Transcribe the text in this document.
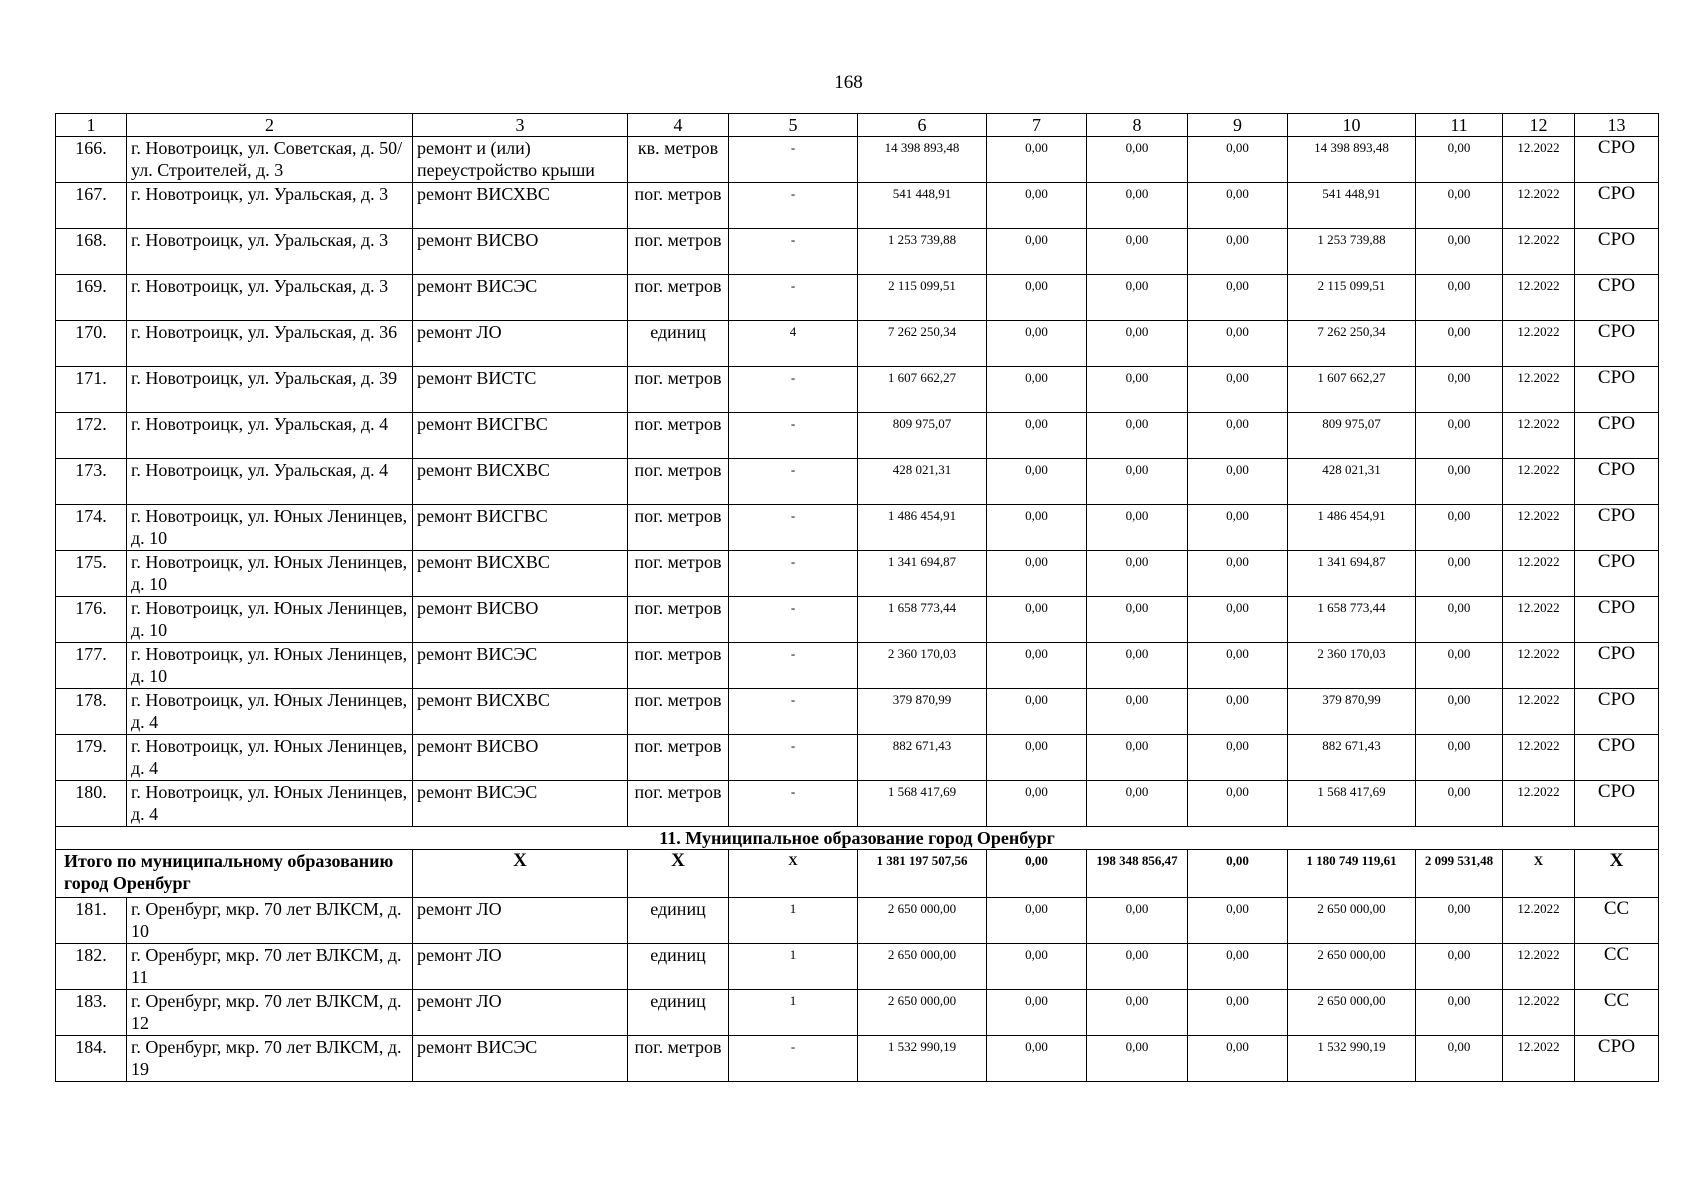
168
1	2	3	4	5	6	7	8	9	10	11	12	13
166.	г. Новотроицк, ул. Советская, д. 50/ул. Строителей, д. 3	ремонт и (или) переустройство крыши	кв. метров	-	14 398 893,48	0,00	0,00	0,00	14 398 893,48	0,00	12.2022	СРО
167.	г. Новотроицк, ул. Уральская, д. 3	ремонт ВИСХВС	пог. метров	-	541 448,91	0,00	0,00	0,00	541 448,91	0,00	12.2022	СРО
168.	г. Новотроицк, ул. Уральская, д. 3	ремонт ВИСВО	пог. метров	-	1 253 739,88	0,00	0,00	0,00	1 253 739,88	0,00	12.2022	СРО
169.	г. Новотроицк, ул. Уральская, д. 3	ремонт ВИСЭС	пог. метров	-	2 115 099,51	0,00	0,00	0,00	2 115 099,51	0,00	12.2022	СРО
170.	г. Новотроицк, ул. Уральская, д. 36	ремонт ЛО	единиц	4	7 262 250,34	0,00	0,00	0,00	7 262 250,34	0,00	12.2022	СРО
171.	г. Новотроицк, ул. Уральская, д. 39	ремонт ВИСТС	пог. метров	-	1 607 662,27	0,00	0,00	0,00	1 607 662,27	0,00	12.2022	СРО
172.	г. Новотроицк, ул. Уральская, д. 4	ремонт ВИСГВС	пог. метров	-	809 975,07	0,00	0,00	0,00	809 975,07	0,00	12.2022	СРО
173.	г. Новотроицк, ул. Уральская, д. 4	ремонт ВИСХВС	пог. метров	-	428 021,31	0,00	0,00	0,00	428 021,31	0,00	12.2022	СРО
174.	г. Новотроицк, ул. Юных Ленинцев, д. 10	ремонт ВИСГВС	пог. метров	-	1 486 454,91	0,00	0,00	0,00	1 486 454,91	0,00	12.2022	СРО
175.	г. Новотроицк, ул. Юных Ленинцев, д. 10	ремонт ВИСХВС	пог. метров	-	1 341 694,87	0,00	0,00	0,00	1 341 694,87	0,00	12.2022	СРО
176.	г. Новотроицк, ул. Юных Ленинцев, д. 10	ремонт ВИСВО	пог. метров	-	1 658 773,44	0,00	0,00	0,00	1 658 773,44	0,00	12.2022	СРО
177.	г. Новотроицк, ул. Юных Ленинцев, д. 10	ремонт ВИСЭС	пог. метров	-	2 360 170,03	0,00	0,00	0,00	2 360 170,03	0,00	12.2022	СРО
178.	г. Новотроицк, ул. Юных Ленинцев, д. 4	ремонт ВИСХВС	пог. метров	-	379 870,99	0,00	0,00	0,00	379 870,99	0,00	12.2022	СРО
179.	г. Новотроицк, ул. Юных Ленинцев, д. 4	ремонт ВИСВО	пог. метров	-	882 671,43	0,00	0,00	0,00	882 671,43	0,00	12.2022	СРО
180.	г. Новотроицк, ул. Юных Ленинцев, д. 4	ремонт ВИСЭС	пог. метров	-	1 568 417,69	0,00	0,00	0,00	1 568 417,69	0,00	12.2022	СРО
11. Муниципальное образование город Оренбург												
Итого по муниципальному образованию город Оренбург		X	X	X	1 381 197 507,56	0,00	198 348 856,47	0,00	1 180 749 119,61	2 099 531,48	X	X
181.	г. Оренбург, мкр. 70 лет ВЛКСМ, д. 10	ремонт ЛО	единиц	1	2 650 000,00	0,00	0,00	0,00	2 650 000,00	0,00	12.2022	СС
182.	г. Оренбург, мкр. 70 лет ВЛКСМ, д. 11	ремонт ЛО	единиц	1	2 650 000,00	0,00	0,00	0,00	2 650 000,00	0,00	12.2022	СС
183.	г. Оренбург, мкр. 70 лет ВЛКСМ, д. 12	ремонт ЛО	единиц	1	2 650 000,00	0,00	0,00	0,00	2 650 000,00	0,00	12.2022	СС
184.	г. Оренбург, мкр. 70 лет ВЛКСМ, д. 19	ремонт ВИСЭС	пог. метров	-	1 532 990,19	0,00	0,00	0,00	1 532 990,19	0,00	12.2022	СРО
